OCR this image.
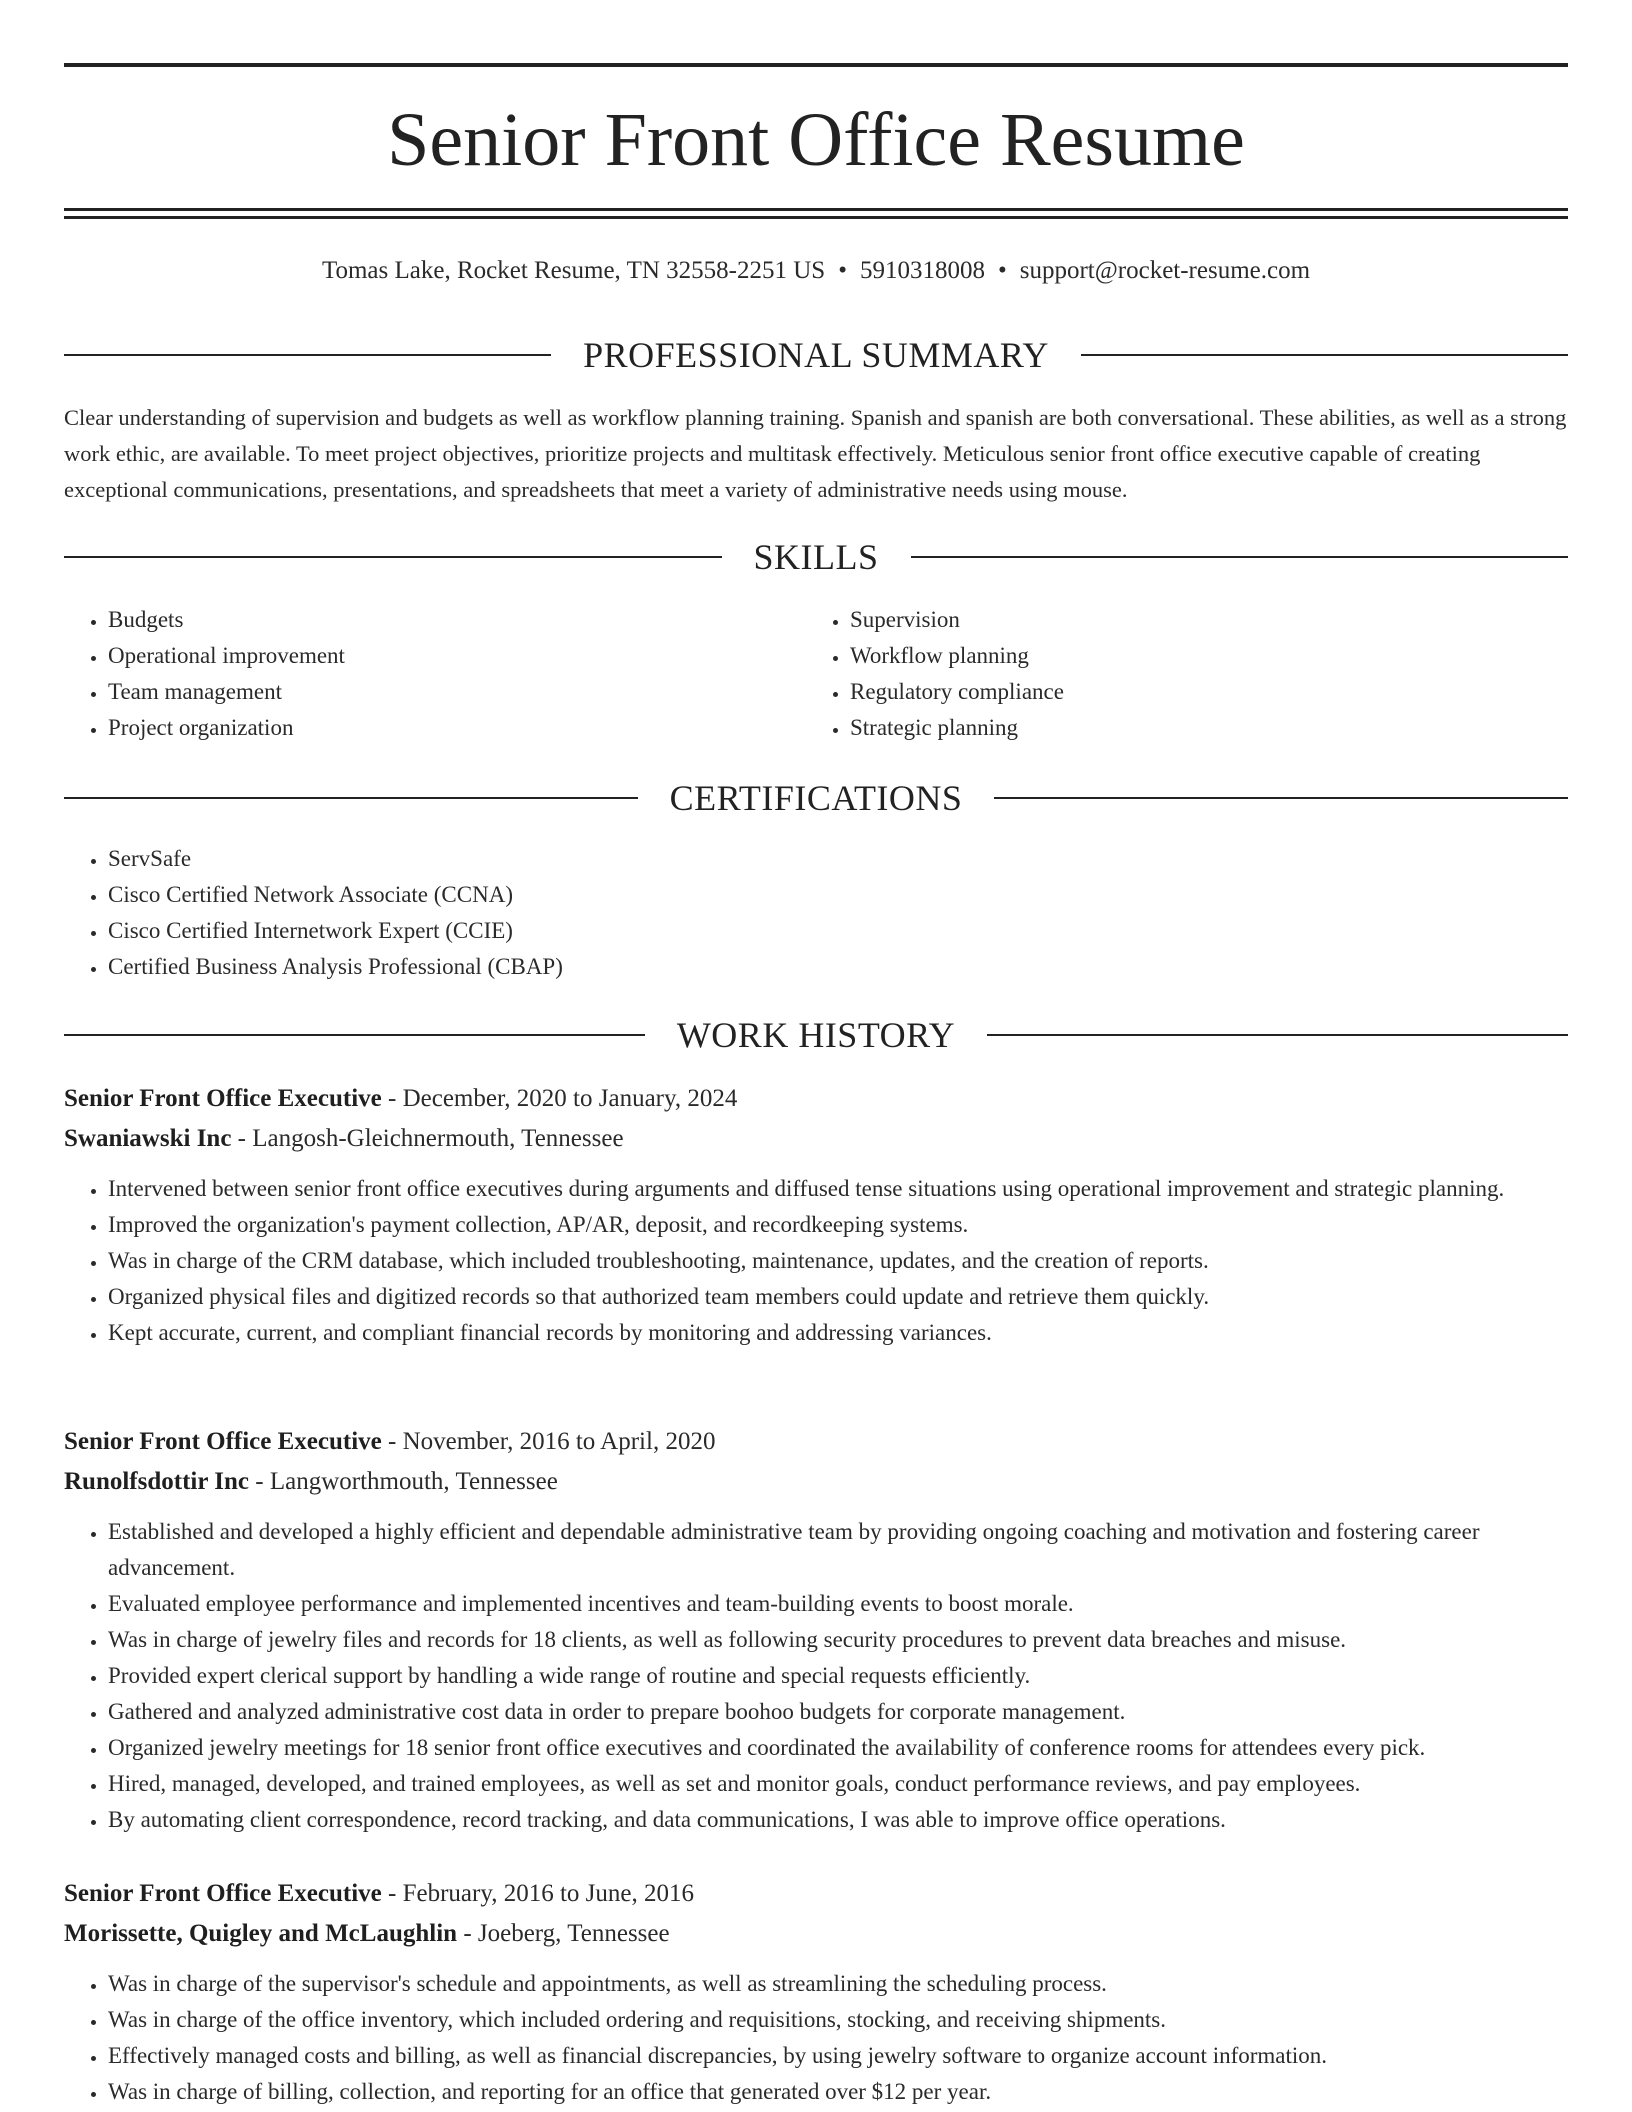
Senior Front Office Resume
Tomas Lake, Rocket Resume, TN 32558-2251 US • 5910318008 • support@rocket-resume.com
PROFESSIONAL SUMMARY

Clear understanding of supervision and budgets as well as workflow planning training. Spanish and spanish are both conversational. These abilities, as well as a strong work ethic, are available. To meet project objectives, prioritize projects and multitask effectively. Meticulous senior front office executive capable of creating exceptional communications, presentations, and spreadsheets that meet a variety of administrative needs using mouse.

SKILLS
• Budgets
• Operational improvement
• Team management
• Project organization
• Supervision
• Workflow planning
• Regulatory compliance
• Strategic planning
CERTIFICATIONS
• ServSafe
• Cisco Certified Network Associate (CCNA)
• Cisco Certified Internetwork Expert (CCIE)
• Certified Business Analysis Professional (CBAP)
WORK HISTORY
Senior Front Office Executive - December, 2020 to January, 2024
Swaniawski Inc - Langosh-Gleichnermouth, Tennessee
• Intervened between senior front office executives during arguments and diffused tense situations using operational improvement and strategic planning.
• Improved the organization's payment collection, AP/AR, deposit, and recordkeeping systems.
• Was in charge of the CRM database, which included troubleshooting, maintenance, updates, and the creation of reports.
• Organized physical files and digitized records so that authorized team members could update and retrieve them quickly.
• Kept accurate, current, and compliant financial records by monitoring and addressing variances.
Senior Front Office Executive - November, 2016 to April, 2020
Runolfsdottir Inc - Langworthmouth, Tennessee
• Established and developed a highly efficient and dependable administrative team by providing ongoing coaching and motivation and fostering career advancement.
• Evaluated employee performance and implemented incentives and team-building events to boost morale.
• Was in charge of jewelry files and records for 18 clients, as well as following security procedures to prevent data breaches and misuse.
• Provided expert clerical support by handling a wide range of routine and special requests efficiently.
• Gathered and analyzed administrative cost data in order to prepare boohoo budgets for corporate management.
• Organized jewelry meetings for 18 senior front office executives and coordinated the availability of conference rooms for attendees every pick.
• Hired, managed, developed, and trained employees, as well as set and monitor goals, conduct performance reviews, and pay employees.
• By automating client correspondence, record tracking, and data communications, I was able to improve office operations.
Senior Front Office Executive - February, 2016 to June, 2016
Morissette, Quigley and McLaughlin - Joeberg, Tennessee
• Was in charge of the supervisor's schedule and appointments, as well as streamlining the scheduling process.
• Was in charge of the office inventory, which included ordering and requisitions, stocking, and receiving shipments.
• Effectively managed costs and billing, as well as financial discrepancies, by using jewelry software to organize account information.
• Was in charge of billing, collection, and reporting for an office that generated over $12 per year.
